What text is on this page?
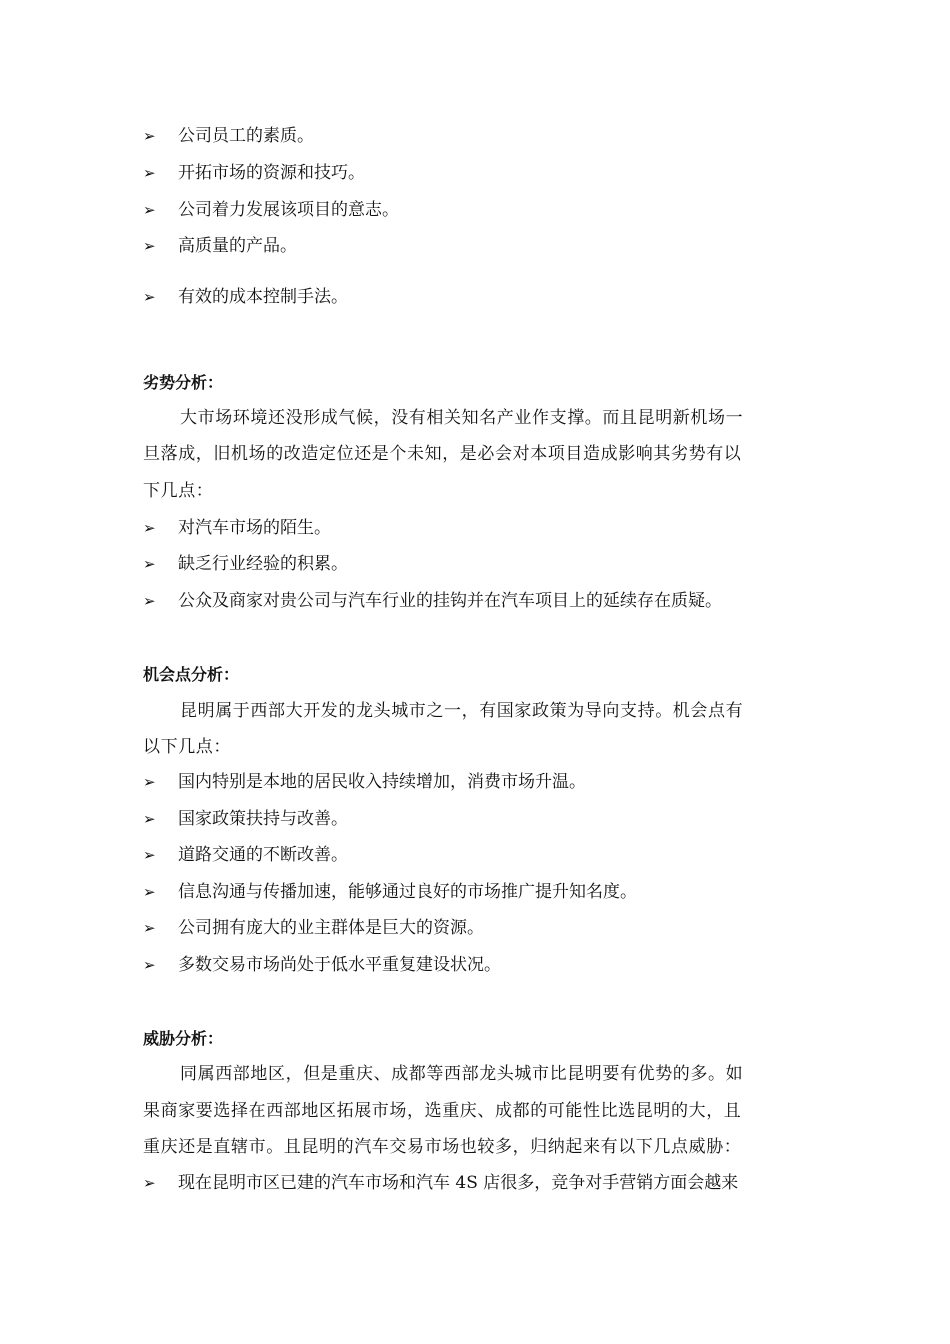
➢ 公司员工的素质。
➢ 开拓市场的资源和技巧。
➢ 公司着力发展该项目的意志。
➢ 高质量的产品。
➢ 有效的成本控制手法。
劣势分析：
大市场环境还没形成气候，没有相关知名产业作支撑。而且昆明新机场一
旦落成，旧机场的改造定位还是个未知，是必会对本项目造成影响其劣势有以
下几点：
➢ 对汽车市场的陌生。
➢ 缺乏行业经验的积累。
➢ 公众及商家对贵公司与汽车行业的挂钩并在汽车项目上的延续存在质疑。
机会点分析：
昆明属于西部大开发的龙头城市之一，有国家政策为导向支持。机会点有
以下几点：
➢ 国内特别是本地的居民收入持续增加，消费市场升温。
➢ 国家政策扶持与改善。
➢ 道路交通的不断改善。
➢ 信息沟通与传播加速，能够通过良好的市场推广提升知名度。
➢ 公司拥有庞大的业主群体是巨大的资源。
➢ 多数交易市场尚处于低水平重复建设状况。
威胁分析：
同属西部地区，但是重庆、成都等西部龙头城市比昆明要有优势的多。如
果商家要选择在西部地区拓展市场，选重庆、成都的可能性比选昆明的大，且
重庆还是直辖市。且昆明的汽车交易市场也较多，归纳起来有以下几点威胁：
➢ 现在昆明市区已建的汽车市场和汽车 4S 店很多，竞争对手营销方面会越来
